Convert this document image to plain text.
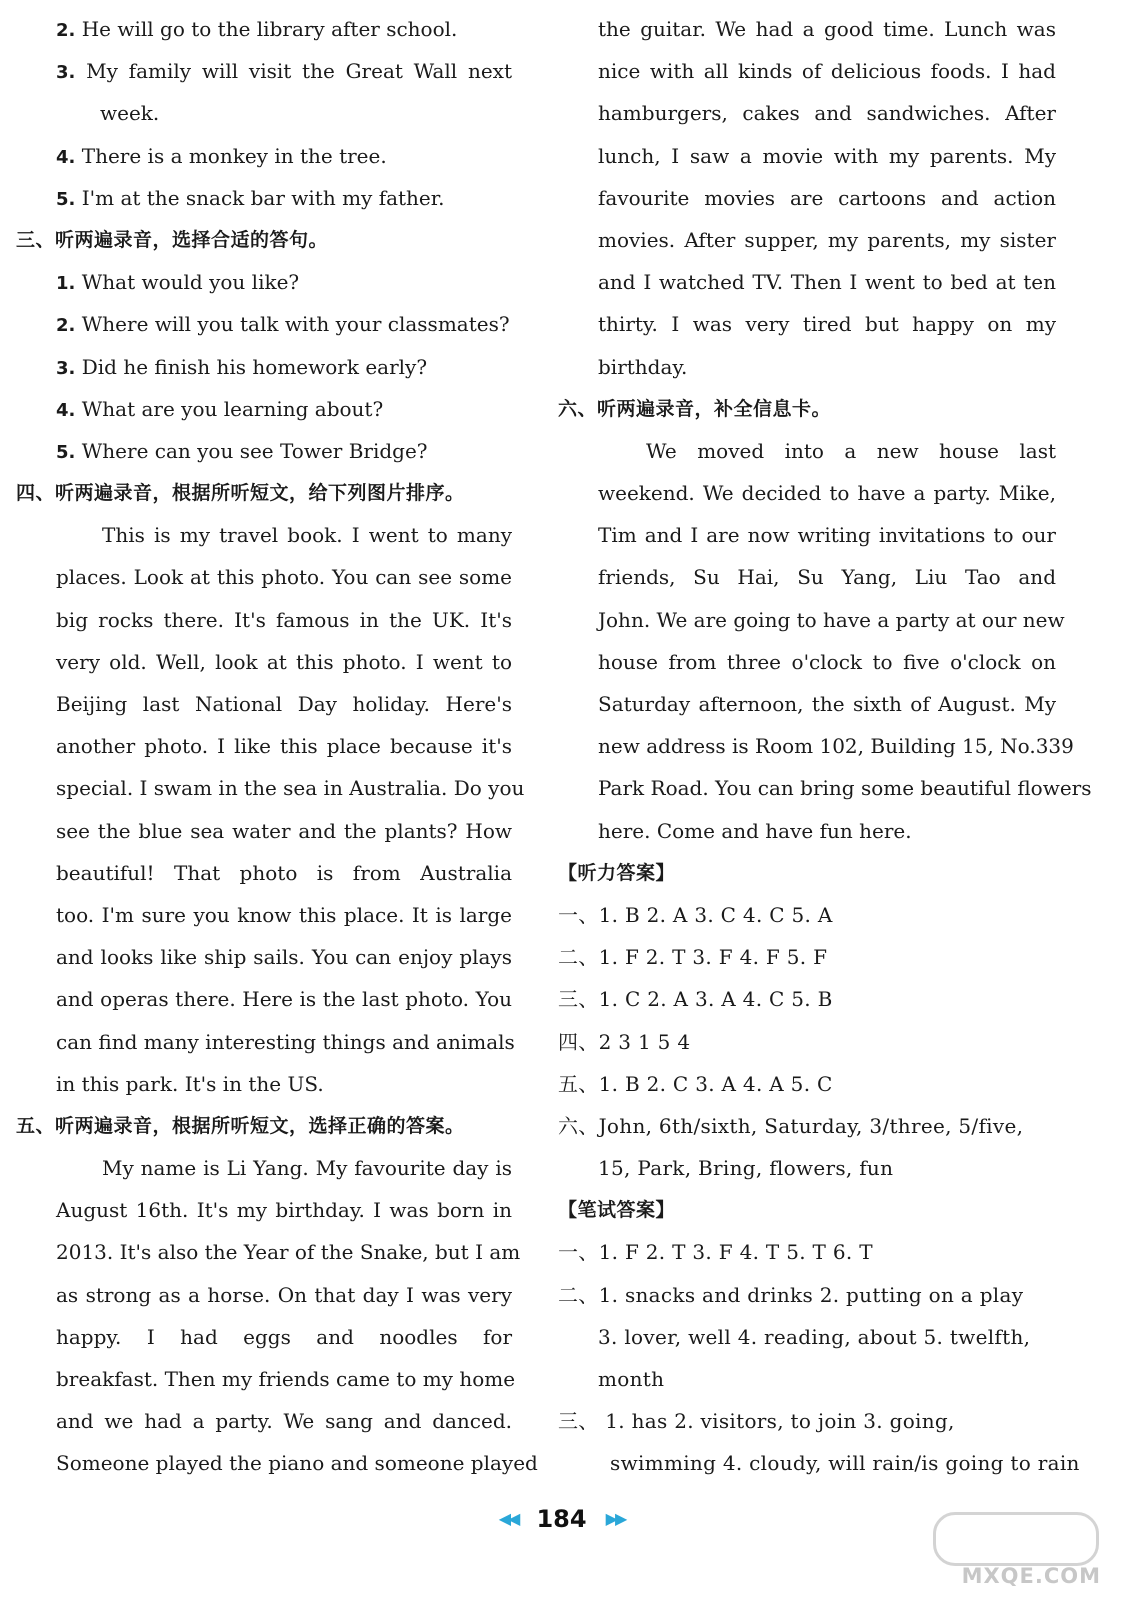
2. He will go to the library after school.
3. My family will visit the Great Wall next
week.
4. There is a monkey in the tree.
5. I'm at the snack bar with my father.
三、听两遍录音，选择合适的答句。
1. What would you like?
2. Where will you talk with your classmates?
3. Did he finish his homework early?
4. What are you learning about?
5. Where can you see Tower Bridge?
四、听两遍录音，根据所听短文，给下列图片排序。
This is my travel book. I went to many
places. Look at this photo. You can see some
big rocks there. It's famous in the UK. It's
very old. Well, look at this photo. I went to
Beijing last National Day holiday. Here's
another photo. I like this place because it's
special. I swam in the sea in Australia. Do you
see the blue sea water and the plants? How
beautiful! That photo is from Australia
too. I'm sure you know this place. It is large
and looks like ship sails. You can enjoy plays
and operas there. Here is the last photo. You
can find many interesting things and animals
in this park. It's in the US.
五、听两遍录音，根据所听短文，选择正确的答案。
My name is Li Yang. My favourite day is
August 16th. It's my birthday. I was born in
2013. It's also the Year of the Snake, but I am
as strong as a horse. On that day I was very
happy. I had eggs and noodles for
breakfast. Then my friends came to my home
and we had a party. We sang and danced.
Someone played the piano and someone played
the guitar. We had a good time. Lunch was
nice with all kinds of delicious foods. I had
hamburgers, cakes and sandwiches. After
lunch, I saw a movie with my parents. My
favourite movies are cartoons and action
movies. After supper, my parents, my sister
and I watched TV. Then I went to bed at ten
thirty. I was very tired but happy on my
birthday.
六、听两遍录音，补全信息卡。
We moved into a new house last
weekend. We decided to have a party. Mike,
Tim and I are now writing invitations to our
friends, Su Hai, Su Yang, Liu Tao and
John. We are going to have a party at our new
house from three o'clock to five o'clock on
Saturday afternoon, the sixth of August. My
new address is Room 102, Building 15, No.339
Park Road. You can bring some beautiful flowers
here. Come and have fun here.
【听力答案】
一、1. B 2. A 3. C 4. C 5. A
二、1. F 2. T 3. F 4. F 5. F
三、1. C 2. A 3. A 4. C 5. B
四、2 3 1 5 4
五、1. B 2. C 3. A 4. A 5. C
六、John, 6th/sixth, Saturday, 3/three, 5/five,
15, Park, Bring, flowers, fun
【笔试答案】
一、1. F 2. T 3. F 4. T 5. T 6. T
二、1. snacks and drinks 2. putting on a play
3. lover, well 4. reading, about 5. twelfth,
month
三、 1. has 2. visitors, to join 3. going,
swimming 4. cloudy, will rain/is going to rain
◀◀ 184 ▶▶
MXQE.COM
